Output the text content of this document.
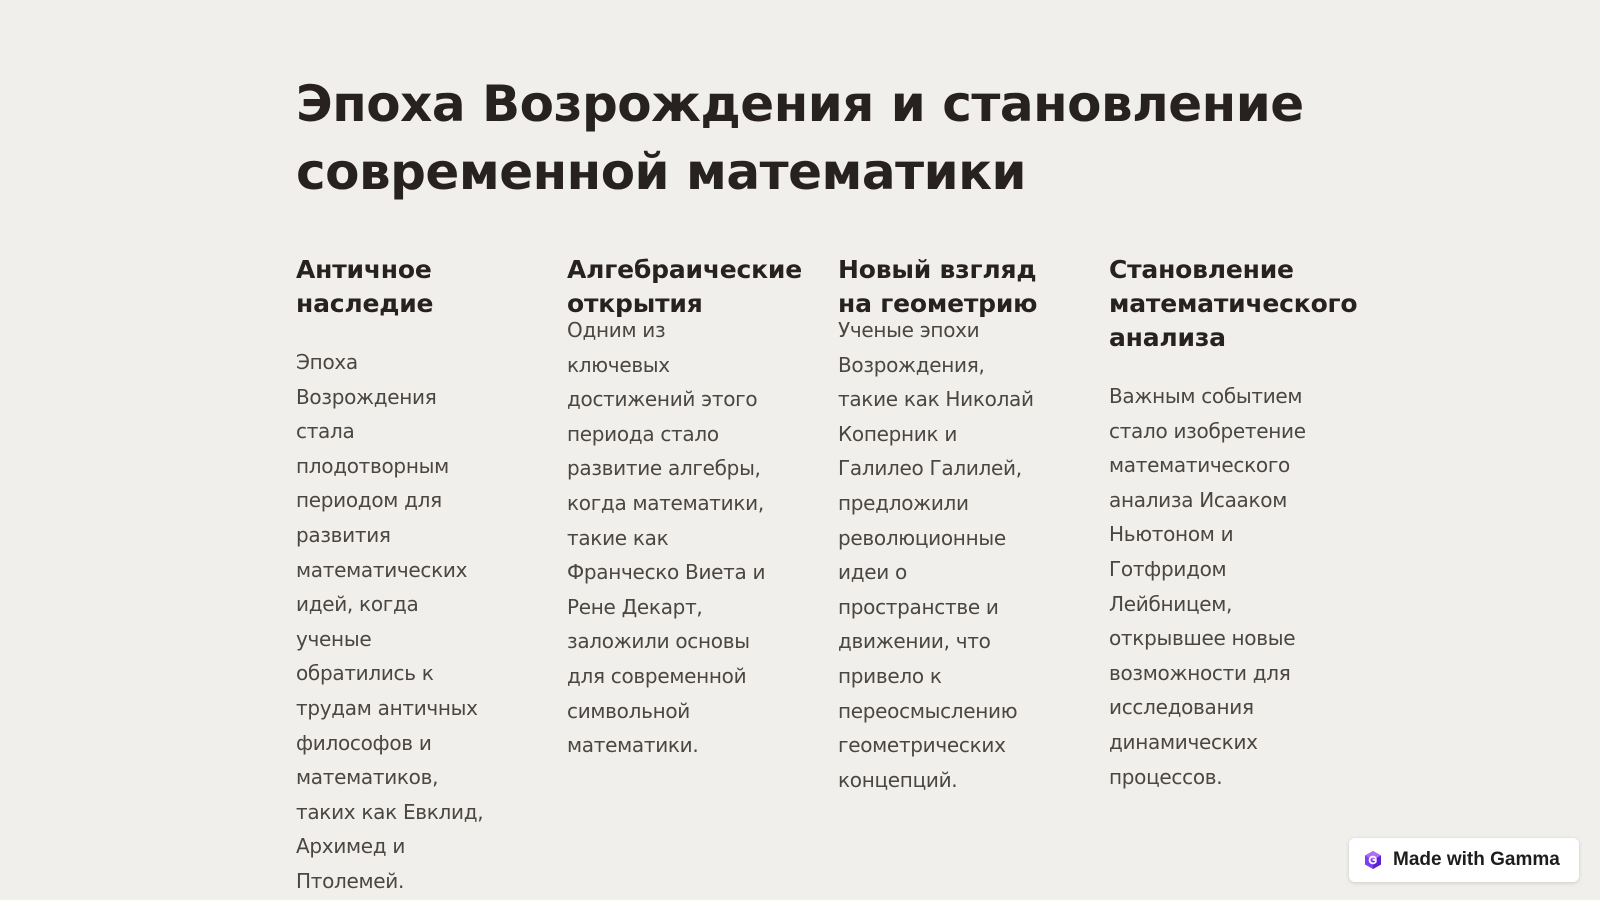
Эпоха Возрождения и становление современной математики
Античное наследие

Эпоха Возрождения стала плодотворным периодом для развития математических идей, когда ученые обратились к трудам античных философов и математиков, таких как Евклид, Архимед и Птолемей.

Алгебраические открытия

Одним из ключевых достижений этого периода стало развитие алгебры, когда математики, такие как Франческо Виета и Рене Декарт, заложили основы для современной символьной математики.

Новый взгляд на геометрию

Ученые эпохи Возрождения, такие как Николай Коперник и Галилео Галилей, предложили революционные идеи о пространстве и движении, что привело к переосмыслению геометрических концепций.

Становление математического анализа

Важным событием стало изобретение математического анализа Исааком Ньютоном и Готфридом Лейбницем, открывшее новые возможности для исследования динамических процессов.

Made with Gamma
